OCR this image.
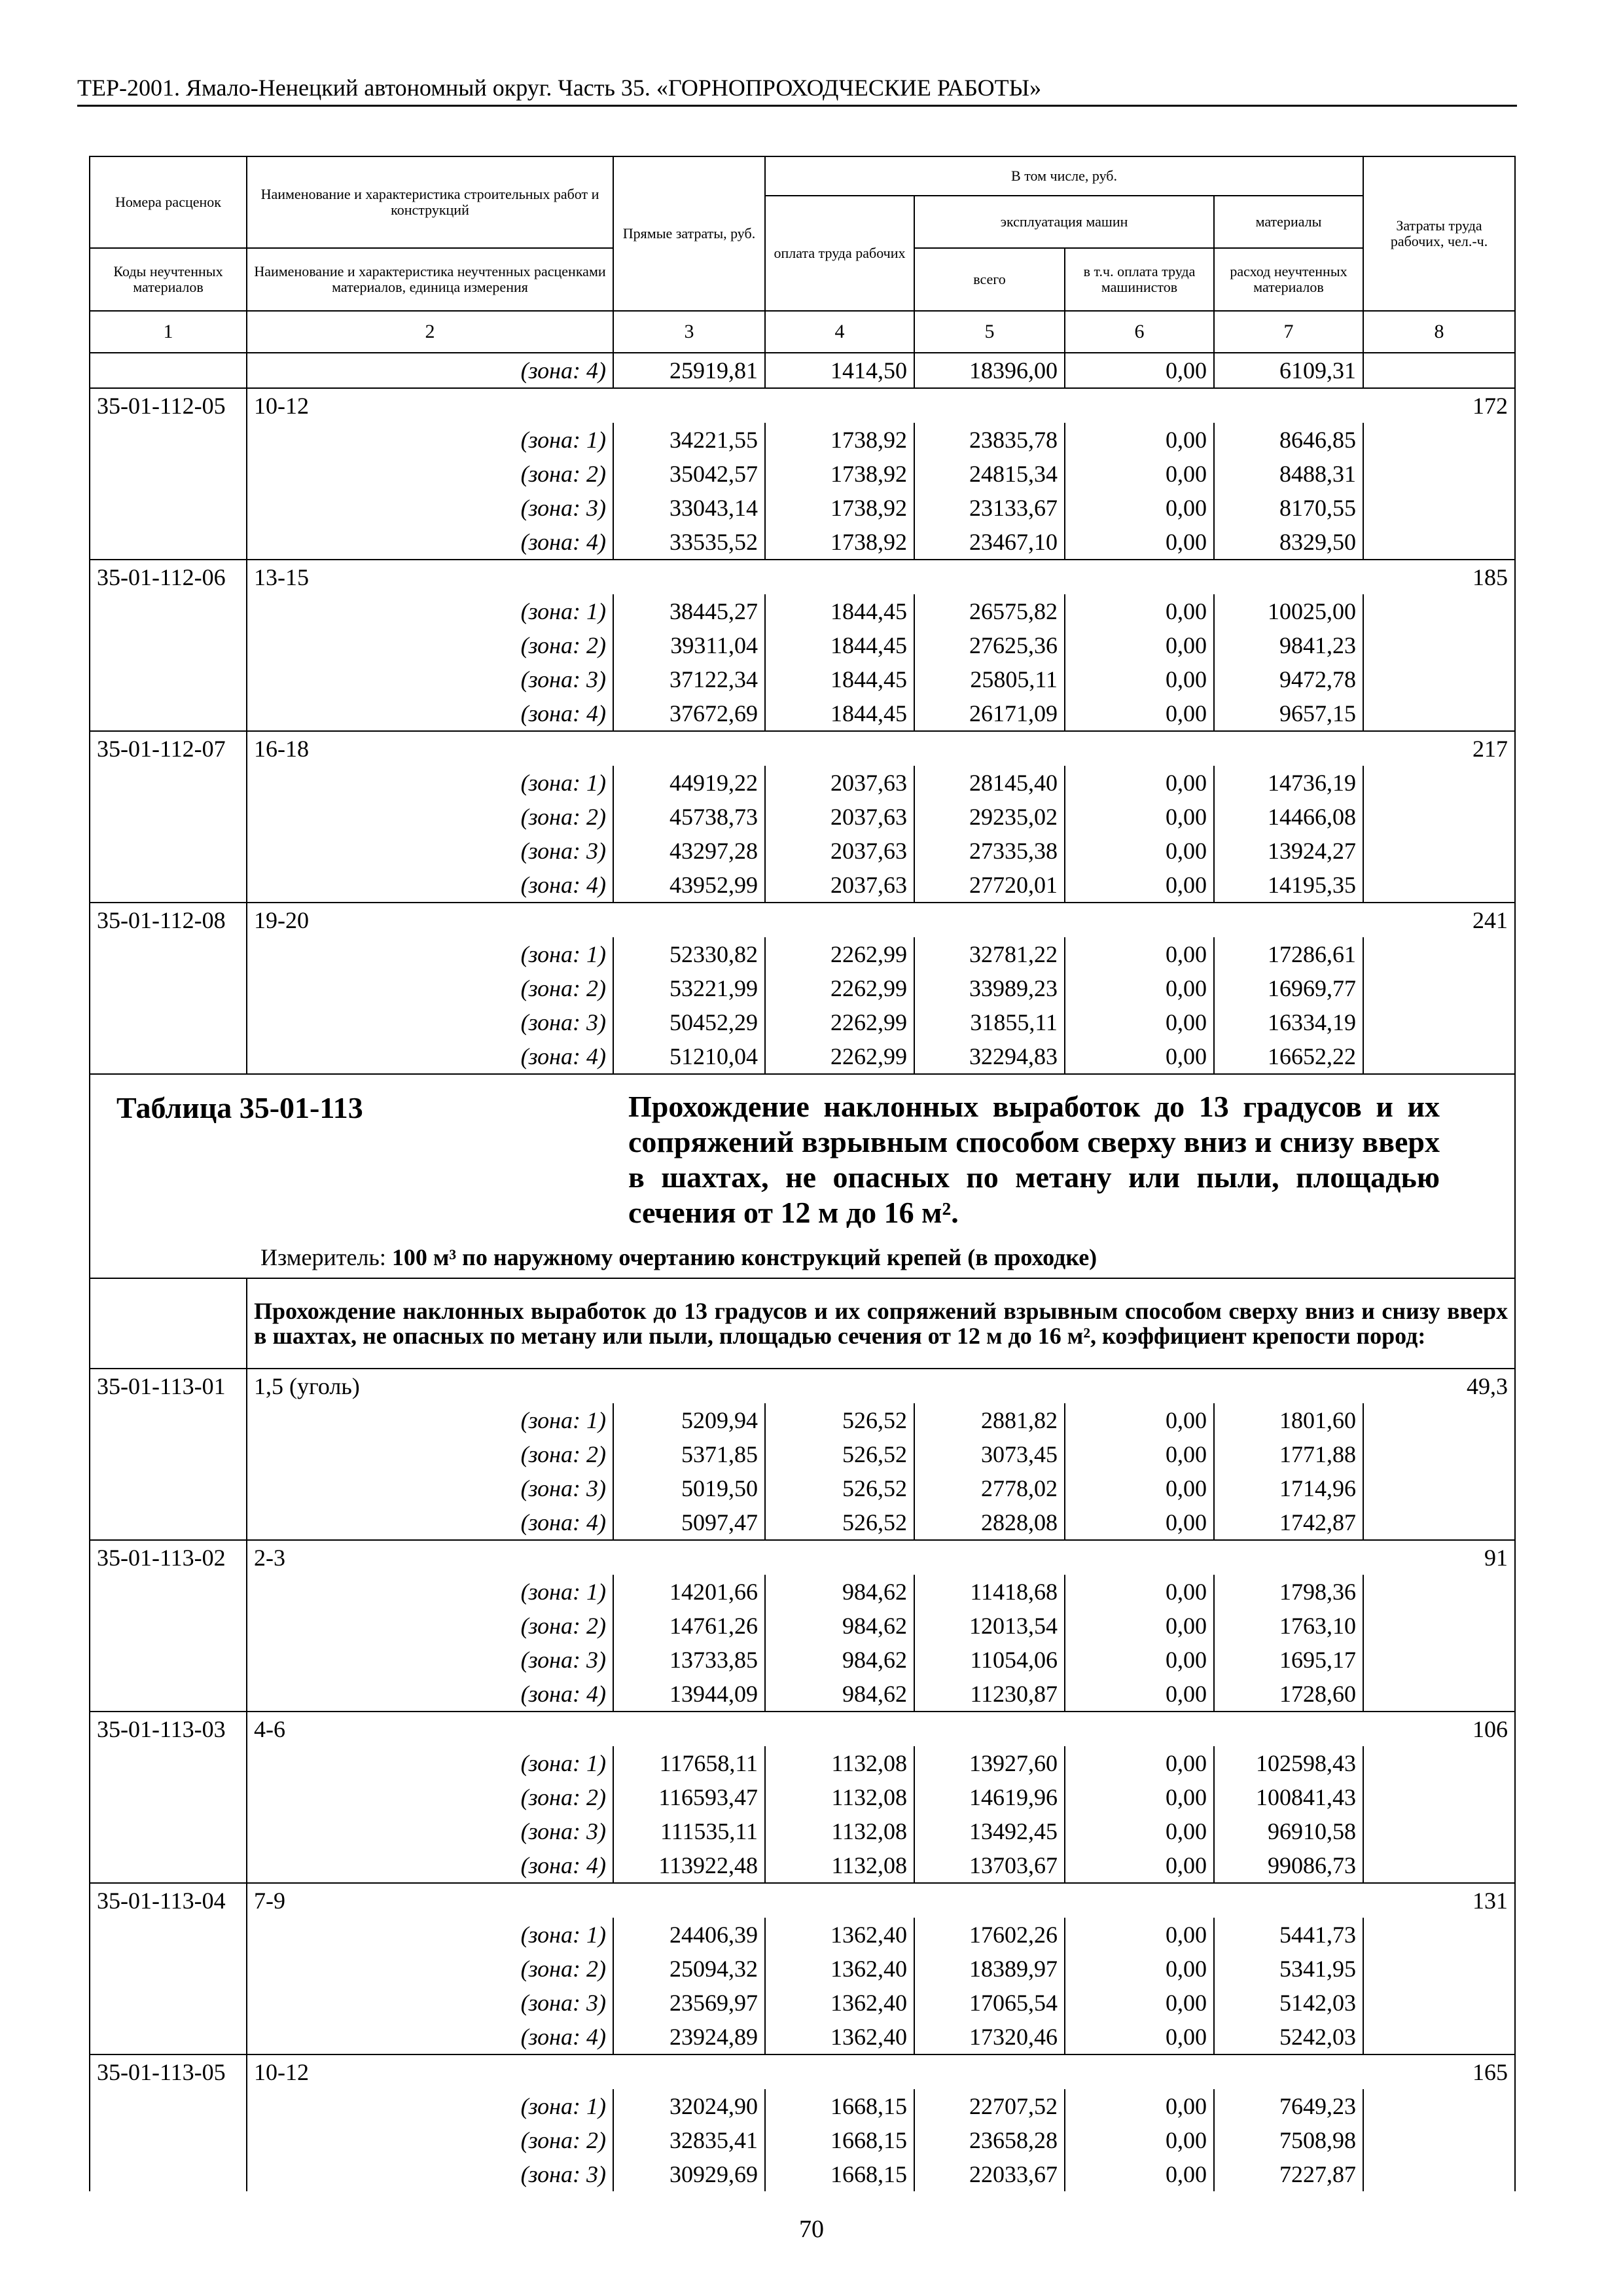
ТЕР-2001. Ямало-Ненецкий автономный округ. Часть 35. «ГОРНОПРОХОДЧЕСКИЕ РАБОТЫ»
Номера расценок	Наименование и характеристика строительных работ и конструкций	Прямые затраты, руб.	В том числе, руб.				Затраты труда рабочих, чел.-ч.
			оплата труда рабочих	эксплуатация машин		материалы	
Коды неучтенных материалов	Наименование и характеристика неучтенных расценками материалов, единица измерения			всего	в т.ч. оплата труда машинистов	расход неучтенных материалов	
1	2	3	4	5	6	7	8
	(зона: 4)	25919,81	1414,50	18396,00	0,00	6109,31	
35-01-112-05	10-12						172
	(зона: 1)	34221,55	1738,92	23835,78	0,00	8646,85	
	(зона: 2)	35042,57	1738,92	24815,34	0,00	8488,31	
	(зона: 3)	33043,14	1738,92	23133,67	0,00	8170,55	
	(зона: 4)	33535,52	1738,92	23467,10	0,00	8329,50	
35-01-112-06	13-15						185
	(зона: 1)	38445,27	1844,45	26575,82	0,00	10025,00	
	(зона: 2)	39311,04	1844,45	27625,36	0,00	9841,23	
	(зона: 3)	37122,34	1844,45	25805,11	0,00	9472,78	
	(зона: 4)	37672,69	1844,45	26171,09	0,00	9657,15	
35-01-112-07	16-18						217
	(зона: 1)	44919,22	2037,63	28145,40	0,00	14736,19	
	(зона: 2)	45738,73	2037,63	29235,02	0,00	14466,08	
	(зона: 3)	43297,28	2037,63	27335,38	0,00	13924,27	
	(зона: 4)	43952,99	2037,63	27720,01	0,00	14195,35	
35-01-112-08	19-20						241
	(зона: 1)	52330,82	2262,99	32781,22	0,00	17286,61	
	(зона: 2)	53221,99	2262,99	33989,23	0,00	16969,77	
	(зона: 3)	50452,29	2262,99	31855,11	0,00	16334,19	
	(зона: 4)	51210,04	2262,99	32294,83	0,00	16652,22	

Таблица 35-01-113 Прохождение наклонных выработок до 13 градусов и их сопряжений взрывным способом сверху вниз и снизу вверх в шахтах, не опасных по метану или пыли, площадью сечения от 12 м до 16 м².
Измеритель: 100 м³ по наружному очертанию конструкций крепей (в проходке)							

	Прохождение наклонных выработок до 13 градусов и их сопряжений взрывным способом сверху вниз и снизу вверх в шахтах, не опасных по метану или пыли, площадью сечения от 12 м до 16 м², коэффициент крепости пород:						
35-01-113-01	1,5 (уголь)						49,3
	(зона: 1)	5209,94	526,52	2881,82	0,00	1801,60	
	(зона: 2)	5371,85	526,52	3073,45	0,00	1771,88	
	(зона: 3)	5019,50	526,52	2778,02	0,00	1714,96	
	(зона: 4)	5097,47	526,52	2828,08	0,00	1742,87	
35-01-113-02	2-3						91
	(зона: 1)	14201,66	984,62	11418,68	0,00	1798,36	
	(зона: 2)	14761,26	984,62	12013,54	0,00	1763,10	
	(зона: 3)	13733,85	984,62	11054,06	0,00	1695,17	
	(зона: 4)	13944,09	984,62	11230,87	0,00	1728,60	
35-01-113-03	4-6						106
	(зона: 1)	117658,11	1132,08	13927,60	0,00	102598,43	
	(зона: 2)	116593,47	1132,08	14619,96	0,00	100841,43	
	(зона: 3)	111535,11	1132,08	13492,45	0,00	96910,58	
	(зона: 4)	113922,48	1132,08	13703,67	0,00	99086,73	
35-01-113-04	7-9						131
	(зона: 1)	24406,39	1362,40	17602,26	0,00	5441,73	
	(зона: 2)	25094,32	1362,40	18389,97	0,00	5341,95	
	(зона: 3)	23569,97	1362,40	17065,54	0,00	5142,03	
	(зона: 4)	23924,89	1362,40	17320,46	0,00	5242,03	
35-01-113-05	10-12						165
	(зона: 1)	32024,90	1668,15	22707,52	0,00	7649,23	
	(зона: 2)	32835,41	1668,15	23658,28	0,00	7508,98	
	(зона: 3)	30929,69	1668,15	22033,67	0,00	7227,87	
70
